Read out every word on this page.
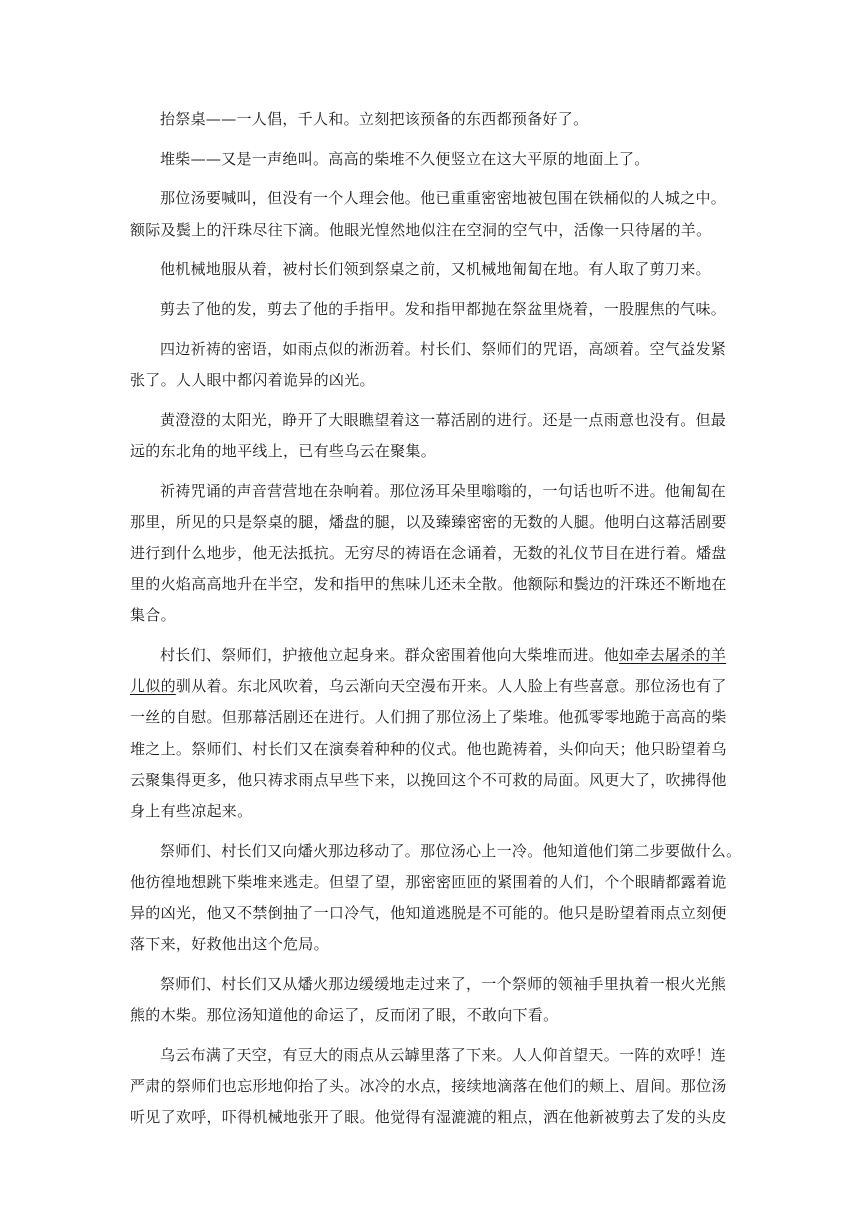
抬祭桌——一人倡，千人和。立刻把该预备的东西都预备好了。

堆柴——又是一声绝叫。高高的柴堆不久便竖立在这大平原的地面上了。

那位汤要喊叫，但没有一个人理会他。他已重重密密地被包围在铁桶似的人城之中。
额际及鬓上的汗珠尽往下滴。他眼光惶然地似注在空洞的空气中，活像一只待屠的羊。

他机械地服从着，被村长们领到祭桌之前，又机械地匍匐在地。有人取了剪刀来。

剪去了他的发，剪去了他的手指甲。发和指甲都抛在祭盆里烧着，一股腥焦的气味。

四边祈祷的密语，如雨点似的淅沥着。村长们、祭师们的咒语，高颂着。空气益发紧
张了。人人眼中都闪着诡异的凶光。

黄澄澄的太阳光，睁开了大眼瞧望着这一幕活剧的进行。还是一点雨意也没有。但最
远的东北角的地平线上，已有些乌云在聚集。

祈祷咒诵的声音营营地在杂响着。那位汤耳朵里嗡嗡的，一句话也听不进。他匍匐在
那里，所见的只是祭桌的腿，燔盘的腿，以及臻臻密密的无数的人腿。他明白这幕活剧要
进行到什么地步，他无法抵抗。无穷尽的祷语在念诵着，无数的礼仪节目在进行着。燔盘
里的火焰高高地升在半空，发和指甲的焦味儿还未全散。他额际和鬓边的汗珠还不断地在
集合。

村长们、祭师们，护掖他立起身来。群众密围着他向大柴堆而进。他如牵去屠杀的羊
儿似的驯从着。东北风吹着，乌云渐向天空漫布开来。人人脸上有些喜意。那位汤也有了
一丝的自慰。但那幕活剧还在进行。人们拥了那位汤上了柴堆。他孤零零地跪于高高的柴
堆之上。祭师们、村长们又在演奏着种种的仪式。他也跪祷着，头仰向天；他只盼望着乌
云聚集得更多，他只祷求雨点早些下来，以挽回这个不可救的局面。风更大了，吹拂得他
身上有些凉起来。

祭师们、村长们又向燔火那边移动了。那位汤心上一冷。他知道他们第二步要做什么。
他彷徨地想跳下柴堆来逃走。但望了望，那密密匝匝的紧围着的人们，个个眼睛都露着诡
异的凶光，他又不禁倒抽了一口冷气，他知道逃脱是不可能的。他只是盼望着雨点立刻便
落下来，好救他出这个危局。

祭师们、村长们又从燔火那边缓缓地走过来了，一个祭师的领袖手里执着一根火光熊
熊的木柴。那位汤知道他的命运了，反而闭了眼，不敢向下看。

乌云布满了天空，有豆大的雨点从云罅里落了下来。人人仰首望天。一阵的欢呼！连
严肃的祭师们也忘形地仰抬了头。冰冷的水点，接续地滴落在他们的颊上、眉间。那位汤
听见了欢呼，吓得机械地张开了眼。他觉得有湿漉漉的粗点，洒在他新被剪去了发的头皮
